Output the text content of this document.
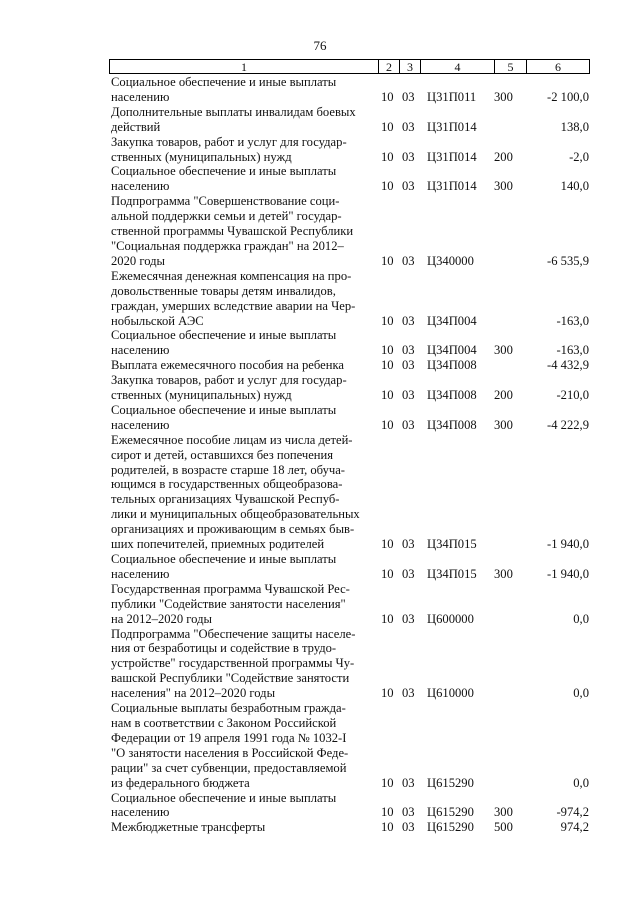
76
1	2	3	4	5	6
Социальное обеспечение и иные выплаты
населению	10 03 Ц31П011 300	-2 100,0
Дополнительные выплаты инвалидам боевых
действий	10 03 Ц31П014	138,0
Закупка товаров, работ и услуг для государ-
ственных (муниципальных) нужд	10 03 Ц31П014 200	-2,0
Социальное обеспечение и иные выплаты
населению	10 03 Ц31П014 300	140,0
Подпрограмма "Совершенствование соци-
альной поддержки семьи и детей" государ-
ственной программы Чувашской Республики
"Социальная поддержка граждан" на 2012–
2020 годы	10 03 Ц340000	-6 535,9
Ежемесячная денежная компенсация на про-
довольственные товары детям инвалидов,
граждан, умерших вследствие аварии на Чер-
нобыльской АЭС	10 03 Ц34П004	-163,0
Социальное обеспечение и иные выплаты
населению	10 03 Ц34П004 300	-163,0
Выплата ежемесячного пособия на ребенка	10 03 Ц34П008	-4 432,9
Закупка товаров, работ и услуг для государ-
ственных (муниципальных) нужд	10 03 Ц34П008 200	-210,0
Социальное обеспечение и иные выплаты
населению	10 03 Ц34П008 300	-4 222,9
Ежемесячное пособие лицам из числа детей-
сирот и детей, оставшихся без попечения
родителей, в возрасте старше 18 лет, обуча-
ющимся в государственных общеобразова-
тельных организациях Чувашской Респуб-
лики и муниципальных общеобразовательных
организациях и проживающим в семьях быв-
ших попечителей, приемных родителей	10 03 Ц34П015	-1 940,0
Социальное обеспечение и иные выплаты
населению	10 03 Ц34П015 300	-1 940,0
Государственная программа Чувашской Рес-
публики "Содействие занятости населения"
на 2012–2020 годы	10 03 Ц600000	0,0
Подпрограмма "Обеспечение защиты населе-
ния от безработицы и содействие в трудо-
устройстве" государственной программы Чу-
вашской Республики "Содействие занятости
населения" на 2012–2020 годы	10 03 Ц610000	0,0
Социальные выплаты безработным гражда-
нам в соответствии с Законом Российской
Федерации от 19 апреля 1991 года № 1032-I
"О занятости населения в Российской Феде-
рации" за счет субвенции, предоставляемой
из федерального бюджета	10 03 Ц615290	0,0
Социальное обеспечение и иные выплаты
населению	10 03 Ц615290 300	-974,2
Межбюджетные трансферты	10 03 Ц615290 500	974,2
